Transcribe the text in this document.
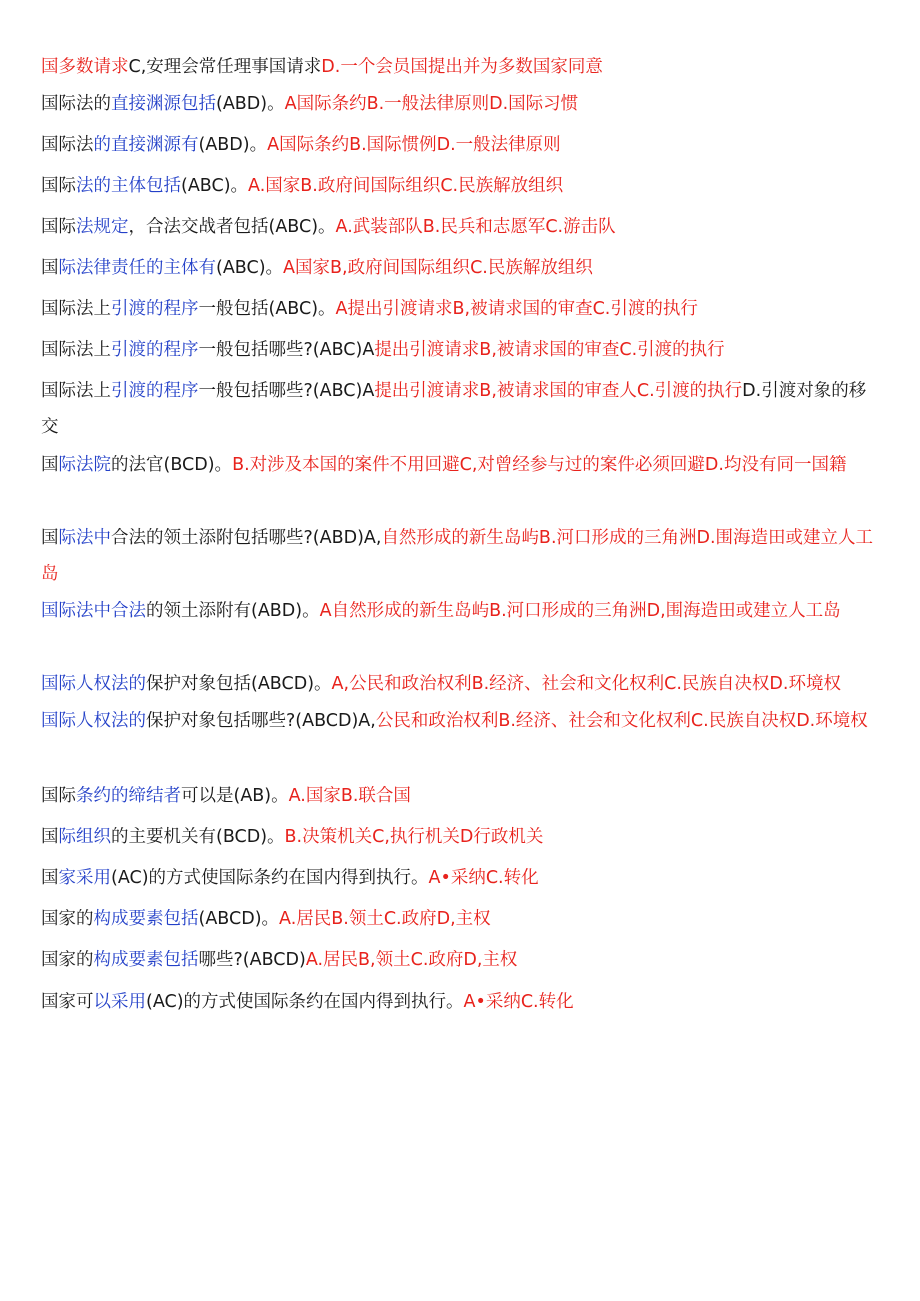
国多数请求C,安理会常任理事国请求D.一个会员国提出并为多数国家同意
国际法的直接渊源包括(ABD)。A国际条约B.一般法律原则D.国际习惯
国际法的直接渊源有(ABD)。A国际条约B.国际惯例D.一般法律原则
国际法的主体包括(ABC)。A.国家B.政府间国际组织C.民族解放组织
国际法规定，合法交战者包括(ABC)。A.武装部队B.民兵和志愿军C.游击队
国际法律责任的主体有(ABC)。A国家B,政府间国际组织C.民族解放组织
国际法上引渡的程序一般包括(ABC)。A提出引渡请求B,被请求国的审查C.引渡的执行
国际法上引渡的程序一般包括哪些?(ABC)A提出引渡请求B,被请求国的审查C.引渡的执行
国际法上引渡的程序一般包括哪些?(ABC)A提出引渡请求B,被请求国的审查人C.引渡的执行D.引渡对象的移交
国际法院的法官(BCD)。B.对涉及本国的案件不用回避C,对曾经参与过的案件必须回避D.均没有同一国籍
国际法中合法的领土添附包括哪些?(ABD)A,自然形成的新生岛屿B.河口形成的三角洲D.围海造田或建立人工岛
国际法中合法的领土添附有(ABD)。A自然形成的新生岛屿B.河口形成的三角洲D,围海造田或建立人工岛
国际人权法的保护对象包括(ABCD)。A,公民和政治权利B.经济、社会和文化权利C.民族自决权D.环境权
国际人权法的保护对象包括哪些?(ABCD)A,公民和政治权利B.经济、社会和文化权利C.民族自决权D.环境权
国际条约的缔结者可以是(AB)。A.国家B.联合国
国际组织的主要机关有(BCD)。B.决策机关C,执行机关D行政机关
国家采用(AC)的方式使国际条约在国内得到执行。A•采纳C.转化
国家的构成要素包括(ABCD)。A.居民B.领土C.政府D,主权
国家的构成要素包括哪些?(ABCD)A.居民B,领土C.政府D,主权
国家可以采用(AC)的方式使国际条约在国内得到执行。A•采纳C.转化
